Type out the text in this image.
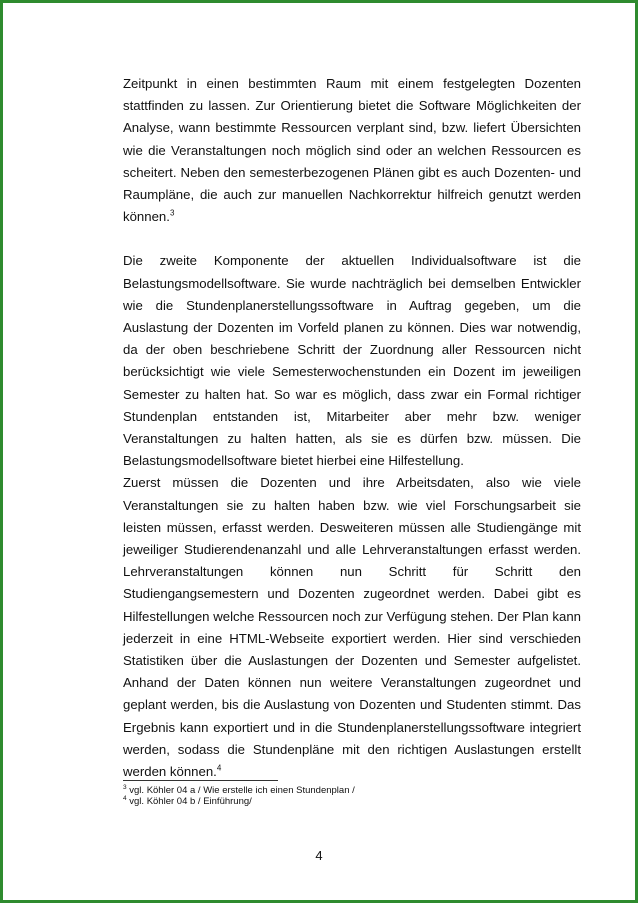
Zeitpunkt in einen bestimmten Raum mit einem festgelegten Dozenten stattfinden zu lassen. Zur Orientierung bietet die Software Möglichkeiten der Analyse, wann bestimmte Ressourcen verplant sind, bzw. liefert Übersichten wie die Veranstaltungen noch möglich sind oder an welchen Ressourcen es scheitert. Neben den semesterbezogenen Plänen gibt es auch Dozenten- und Raumpläne, die auch zur manuellen Nachkorrektur hilfreich genutzt werden können.$^3$

Die zweite Komponente der aktuellen Individualsoftware ist die Belastungsmodellsoftware. Sie wurde nachträglich bei demselben Entwickler wie die Stundenplanerstellungssoftware in Auftrag gegeben, um die Auslastung der Dozenten im Vorfeld planen zu können. Dies war notwendig, da der oben beschriebene Schritt der Zuordnung aller Ressourcen nicht berücksichtigt wie viele Semesterwochenstunden ein Dozent im jeweiligen Semester zu halten hat. So war es möglich, dass zwar ein Formal richtiger Stundenplan entstanden ist, Mitarbeiter aber mehr bzw. weniger Veranstaltungen zu halten hatten, als sie es dürfen bzw. müssen. Die Belastungsmodellsoftware bietet hierbei eine Hilfestellung.

Zuerst müssen die Dozenten und ihre Arbeitsdaten, also wie viele Veranstaltungen sie zu halten haben bzw. wie viel Forschungsarbeit sie leisten müssen, erfasst werden. Desweiteren müssen alle Studiengänge mit jeweiliger Studierendenanzahl und alle Lehrveranstaltungen erfasst werden. Lehrveranstaltungen können nun Schritt für Schritt den Studiengangsemestern und Dozenten zugeordnet werden. Dabei gibt es Hilfestellungen welche Ressourcen noch zur Verfügung stehen. Der Plan kann jederzeit in eine HTML-Webseite exportiert werden. Hier sind verschieden Statistiken über die Auslastungen der Dozenten und Semester aufgelistet. Anhand der Daten können nun weitere Veranstaltungen zugeordnet und geplant werden, bis die Auslastung von Dozenten und Studenten stimmt. Das Ergebnis kann exportiert und in die Stundenplanerstellungssoftware integriert werden, sodass die Stundenpläne mit den richtigen Auslastungen erstellt werden können.$^4$

$^3$ vgl. Köhler 04 a / Wie erstelle ich einen Stundenplan /
$^4$ vgl. Köhler 04 b / Einführung/
4
